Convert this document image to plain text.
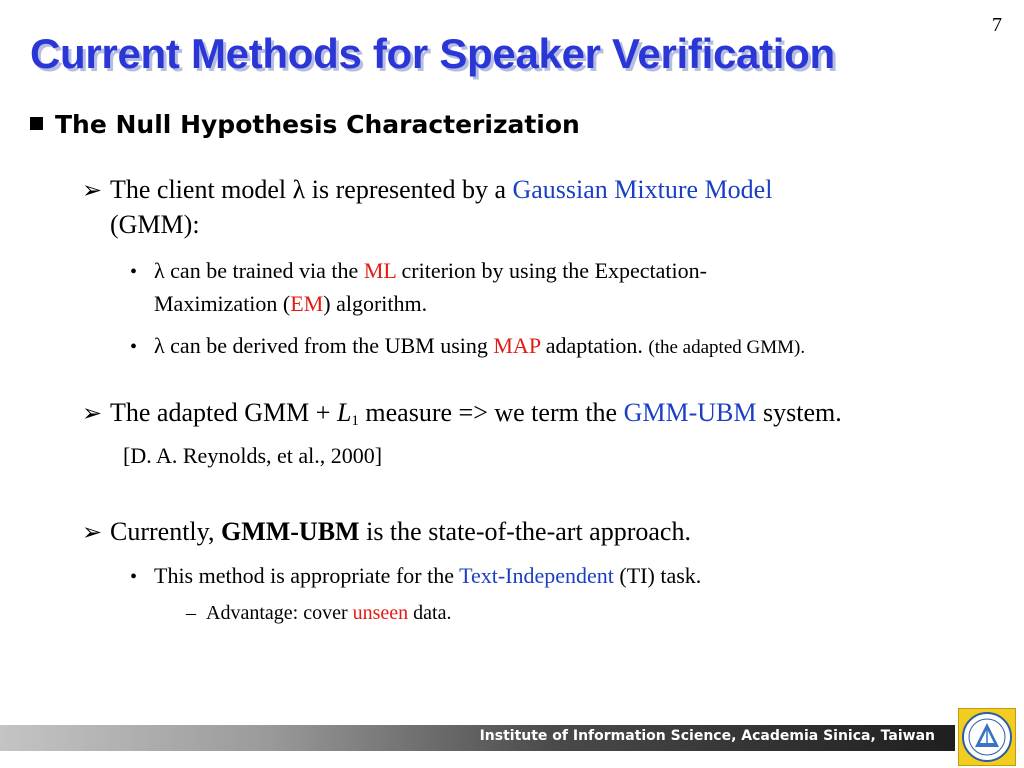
7
Current Methods for Speaker Verification
The Null Hypothesis Characterization
➢ The client model λ is represented by a Gaussian Mixture Model
(GMM):
• λ can be trained via the ML criterion by using the Expectation-
Maximization (EM) algorithm.
• λ can be derived from the UBM using MAP adaptation. (the adapted GMM).
➢ The adapted GMM + $L_1$ measure => we term the GMM-UBM system.
[D. A. Reynolds, et al., 2000]
➢ Currently, GMM-UBM is the state-of-the-art approach.
• This method is appropriate for the Text-Independent (TI) task.
– Advantage: cover unseen data.
Institute of Information Science, Academia Sinica, Taiwan
